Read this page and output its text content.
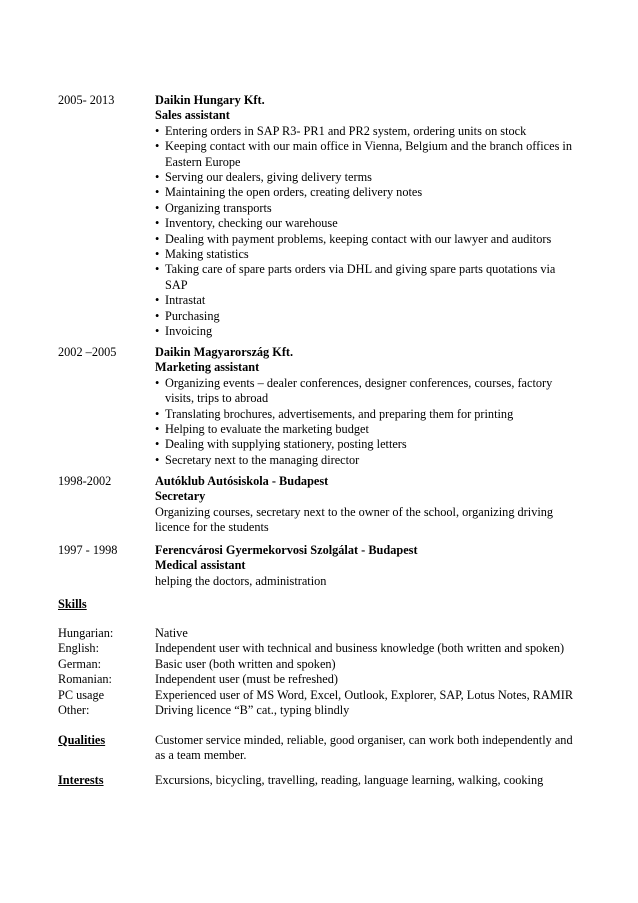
2005- 2013	Daikin Hungary Kft.
Sales assistant
• Entering orders in SAP R3- PR1 and PR2 system, ordering units on stock
• Keeping contact with our main office in Vienna, Belgium and the branch offices in Eastern Europe
• Serving our dealers, giving delivery terms
• Maintaining the open orders, creating delivery notes
• Organizing transports
• Inventory, checking our warehouse
• Dealing with payment problems, keeping contact with our lawyer and auditors
• Making statistics
• Taking care of spare parts orders via DHL and giving spare parts quotations via SAP
• Intrastat
• Purchasing
• Invoicing
2002 –2005	Daikin Magyarország Kft.
Marketing assistant
• Organizing events – dealer conferences, designer conferences, courses, factory visits, trips to abroad
• Translating brochures, advertisements, and preparing them for printing
• Helping to evaluate the marketing budget
• Dealing with supplying stationery, posting letters
• Secretary next to the managing director
1998-2002	Autóklub Autósiskola - Budapest
Secretary
Organizing courses, secretary next to the owner of the school, organizing driving licence for the students
1997 - 1998	Ferencvárosi Gyermekorvosi Szolgálat - Budapest
Medical assistant
helping the doctors, administration
Skills
Hungarian:	Native
English:	Independent user with technical and business knowledge (both written and spoken)
German:	Basic user (both written and spoken)
Romanian:	Independent user (must be refreshed)
PC usage	Experienced user of MS Word, Excel, Outlook, Explorer, SAP, Lotus Notes, RAMIR
Other:	Driving licence “B” cat., typing blindly
Qualities	Customer service minded, reliable, good organiser, can work both independently and as a team member.
Interests	Excursions, bicycling, travelling, reading, language learning, walking, cooking
